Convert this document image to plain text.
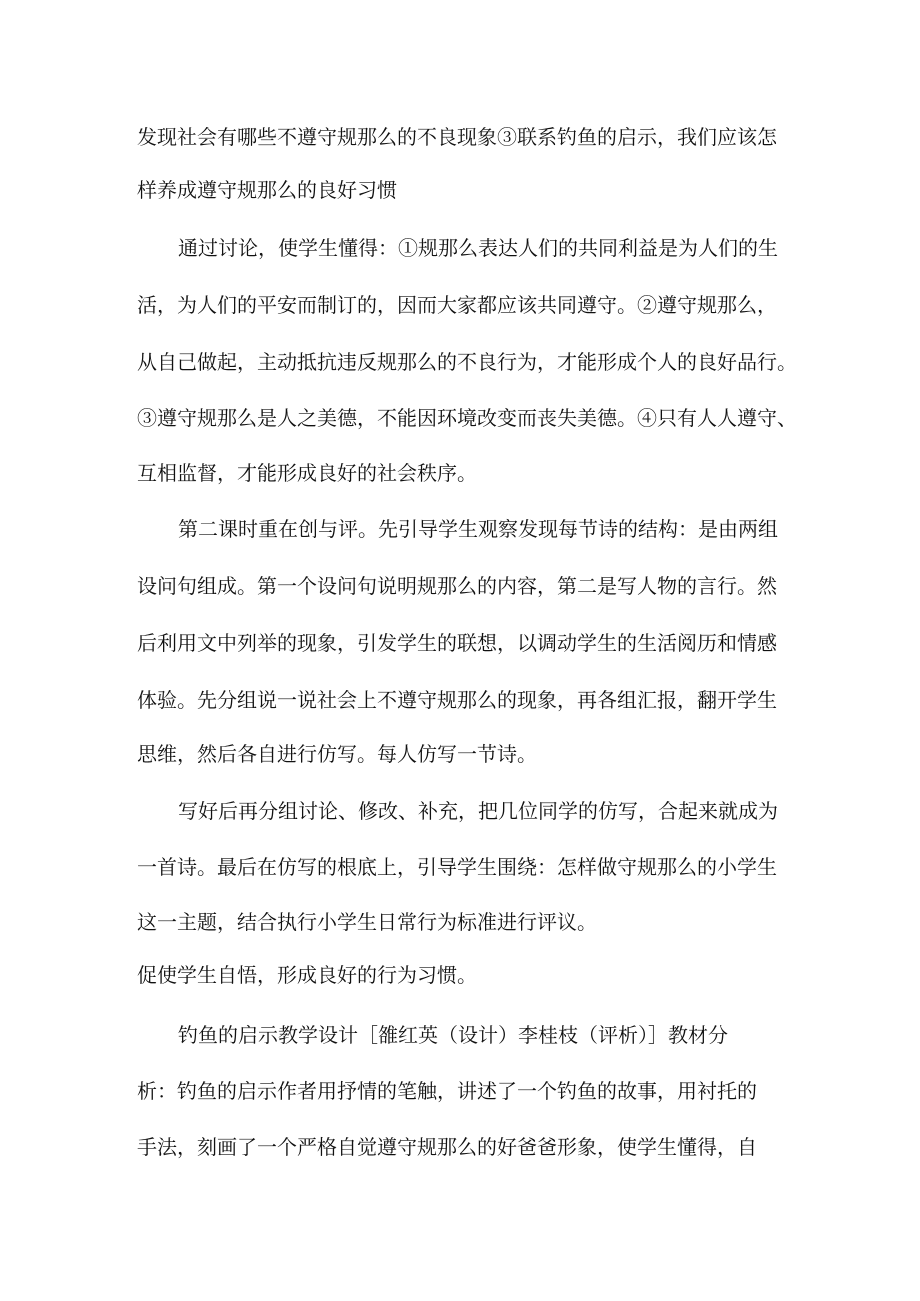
发现社会有哪些不遵守规那么的不良现象③联系钓鱼的启示，我们应该怎
样养成遵守规那么的良好习惯
通过讨论，使学生懂得：①规那么表达人们的共同利益是为人们的生
活，为人们的平安而制订的，因而大家都应该共同遵守。②遵守规那么，
从自己做起，主动抵抗违反规那么的不良行为，才能形成个人的良好品行。
③遵守规那么是人之美德，不能因环境改变而丧失美德。④只有人人遵守、
互相监督，才能形成良好的社会秩序。
第二课时重在创与评。先引导学生观察发现每节诗的结构：是由两组
设问句组成。第一个设问句说明规那么的内容，第二是写人物的言行。然
后利用文中列举的现象，引发学生的联想，以调动学生的生活阅历和情感
体验。先分组说一说社会上不遵守规那么的现象，再各组汇报，翻开学生
思维，然后各自进行仿写。每人仿写一节诗。
写好后再分组讨论、修改、补充，把几位同学的仿写，合起来就成为
一首诗。最后在仿写的根底上，引导学生围绕：怎样做守规那么的小学生
这一主题，结合执行小学生日常行为标准进行评议。
促使学生自悟，形成良好的行为习惯。
钓鱼的启示教学设计［雒红英（设计）李桂枝（评析）］教材分
析：钓鱼的启示作者用抒情的笔触，讲述了一个钓鱼的故事，用衬托的
手法，刻画了一个严格自觉遵守规那么的好爸爸形象，使学生懂得，自
